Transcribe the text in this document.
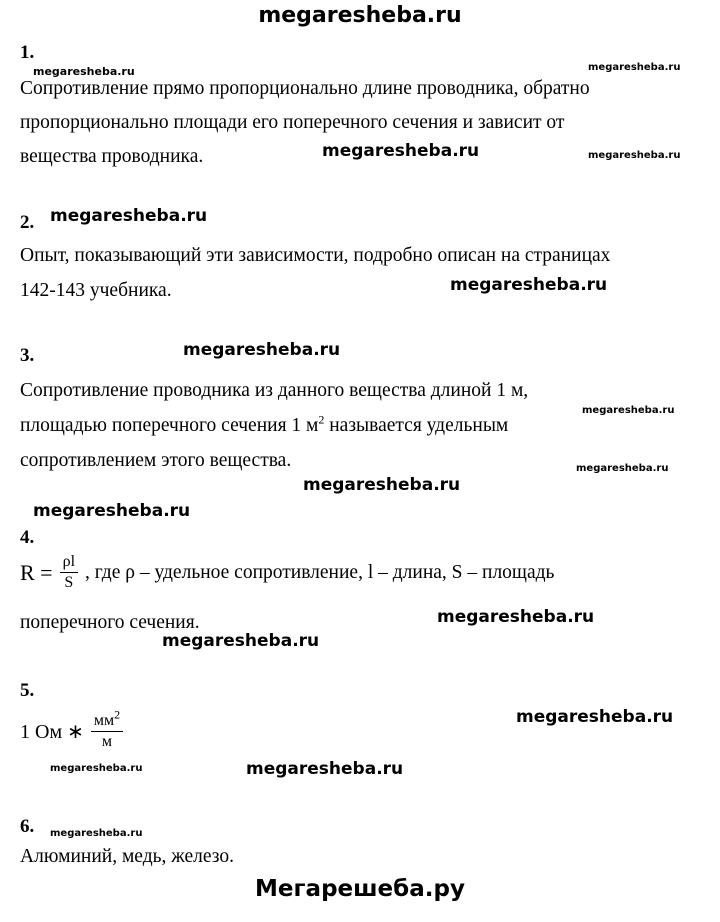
megaresheba.ru
1.
megaresheba.ru	megaresheba.ru
Сопротивление прямо пропорционально длине проводника, обратно
пропорционально площади его поперечного сечения и зависит от
вещества проводника.	megaresheba.ru	megaresheba.ru
2. megaresheba.ru
Опыт, показывающий эти зависимости, подробно описан на страницах
142-143 учебника.	megaresheba.ru
3.	megaresheba.ru
Сопротивление проводника из данного вещества длиной 1 м,
megaresheba.ru
площадью поперечного сечения 1 $м^2$ называется удельным
сопротивлением этого вещества.	megaresheba.ru
megaresheba.ru
megaresheba.ru
4.
$R = \frac{\rho l}{S}$ , где ρ – удельное сопротивление, l – длина, S – площадь
поперечного сечения.	megaresheba.ru
megaresheba.ru
5.
megaresheba.ru
1 Ом ∗ $\frac{мм^2}{м}$
megaresheba.ru	megaresheba.ru
6. megaresheba.ru
Алюминий, медь, железо.
Мегарешеба.ру
